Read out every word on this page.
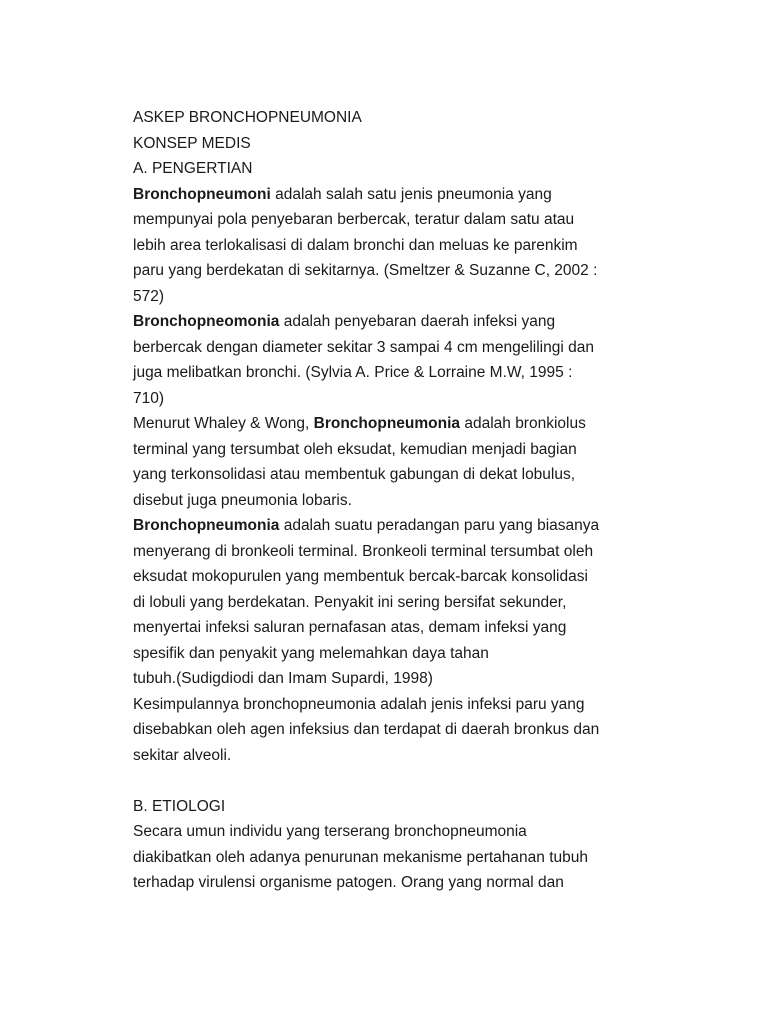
ASKEP BRONCHOPNEUMONIA
KONSEP MEDIS
A. PENGERTIAN
Bronchopneumoni adalah salah satu jenis pneumonia yang
mempunyai pola penyebaran berbercak, teratur dalam satu atau
lebih area terlokalisasi di dalam bronchi dan meluas ke parenkim
paru yang berdekatan di sekitarnya. (Smeltzer & Suzanne C, 2002 :
572)
Bronchopneomonia adalah penyebaran daerah infeksi yang
berbercak dengan diameter sekitar 3 sampai 4 cm mengelilingi dan
juga melibatkan bronchi. (Sylvia A. Price & Lorraine M.W, 1995 :
710)
Menurut Whaley & Wong, Bronchopneumonia adalah bronkiolus
terminal yang tersumbat oleh eksudat, kemudian menjadi bagian
yang terkonsolidasi atau membentuk gabungan di dekat lobulus,
disebut juga pneumonia lobaris.
Bronchopneumonia adalah suatu peradangan paru yang biasanya
menyerang di bronkeoli terminal. Bronkeoli terminal tersumbat oleh
eksudat mokopurulen yang membentuk bercak-barcak konsolidasi
di lobuli yang berdekatan. Penyakit ini sering bersifat sekunder,
menyertai infeksi saluran pernafasan atas, demam infeksi yang
spesifik dan penyakit yang melemahkan daya tahan
tubuh.(Sudigdiodi dan Imam Supardi, 1998)
Kesimpulannya bronchopneumonia adalah jenis infeksi paru yang
disebabkan oleh agen infeksius dan terdapat di daerah bronkus dan
sekitar alveoli.
B. ETIOLOGI
Secara umun individu yang terserang bronchopneumonia
diakibatkan oleh adanya penurunan mekanisme pertahanan tubuh
terhadap virulensi organisme patogen. Orang yang normal dan
